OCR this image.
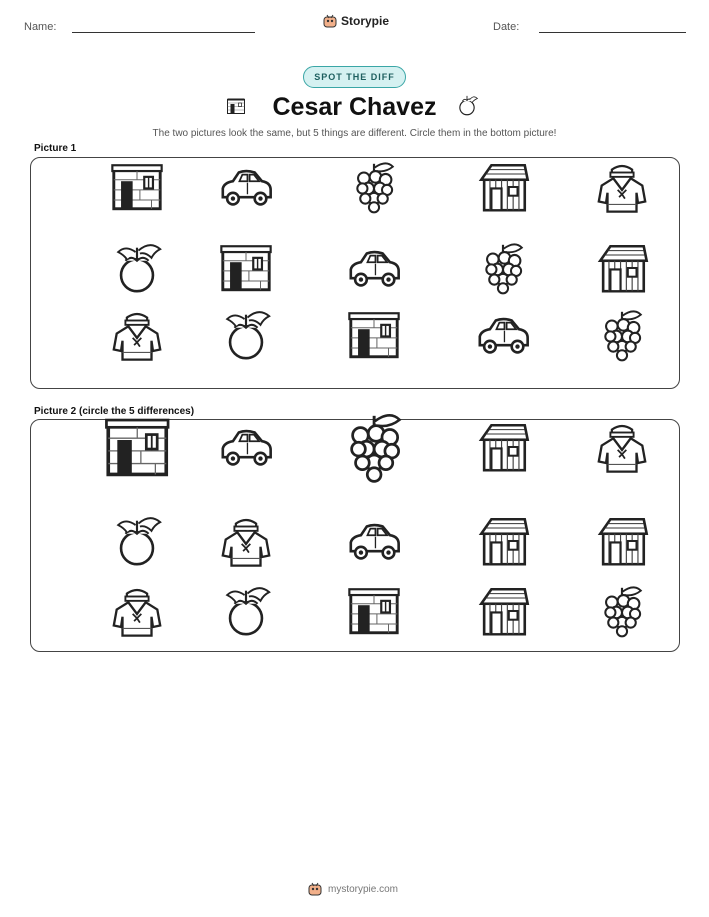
Name:	Storypie	Date:
SPOT THE DIFF
Cesar Chavez
The two pictures look the same, but 5 things are different. Circle them in the bottom picture!
Picture 1
Picture 2 (circle the 5 differences)
mystorypie.com
